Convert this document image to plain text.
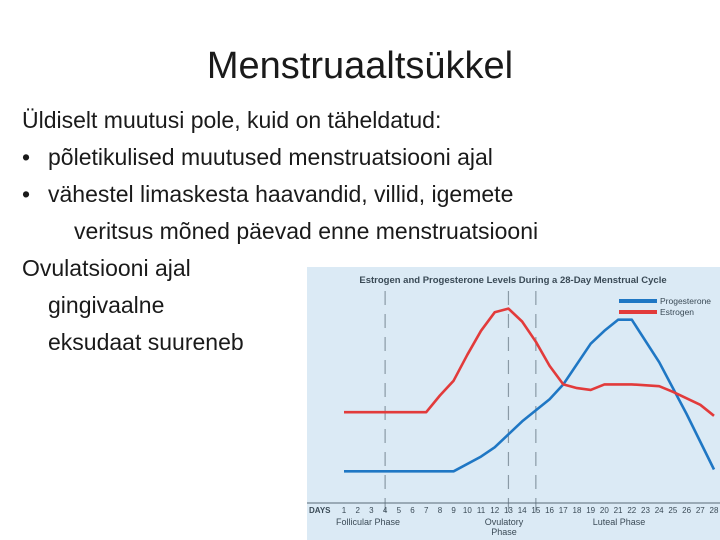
Menstruaaltsükkel
Üldiselt muutusi pole, kuid on täheldatud:
• põletikulised muutused menstruatsiooni ajal
• vähestel limaskesta haavandid, villid, igemete
veritsus mõned päevad enne menstruatsiooni
Ovulatsiooni ajal
gingivaalne
eksudaat suureneb
Estrogen and Progesterone Levels During a 28-Day Menstrual Cycle
Progesterone
Estrogen
DAYS 1 2 3 4 5 6 7 8 9 10 11 12 13 14 15 16 17 18 19 20 21 22 23 24 25 26 27 28
Follicular Phase	Ovulatory Phase
Luteal Phase
